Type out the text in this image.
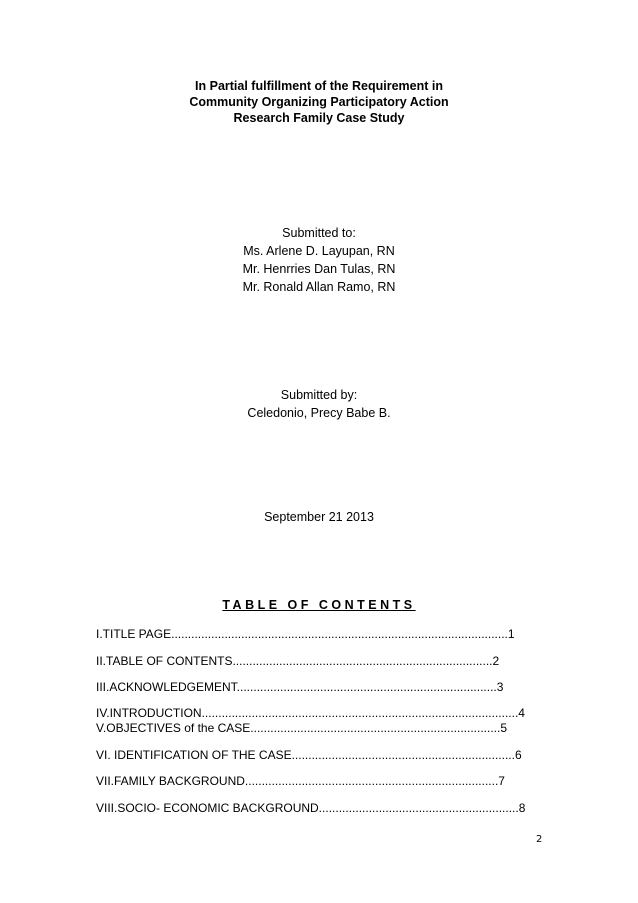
In Partial fulfillment of the Requirement in
Community Organizing Participatory Action
Research Family Case Study
Submitted to:
Ms. Arlene D. Layupan, RN
Mr. Henrries Dan Tulas, RN
Mr. Ronald Allan Ramo, RN
Submitted by:
Celedonio, Precy Babe B.
September 21 2013
TABLE OF CONTENTS
I.TITLE PAGE.....................................................................................................1
II.TABLE OF CONTENTS..............................................................................2
III.ACKNOWLEDGEMENT..............................................................................3
IV.INTRODUCTION...............................................................................................4
V.OBJECTIVES of the CASE...........................................................................5
VI. IDENTIFICATION OF THE CASE...................................................................6
VII.FAMILY BACKGROUND............................................................................7
VIII.SOCIO- ECONOMIC BACKGROUND............................................................8
2
